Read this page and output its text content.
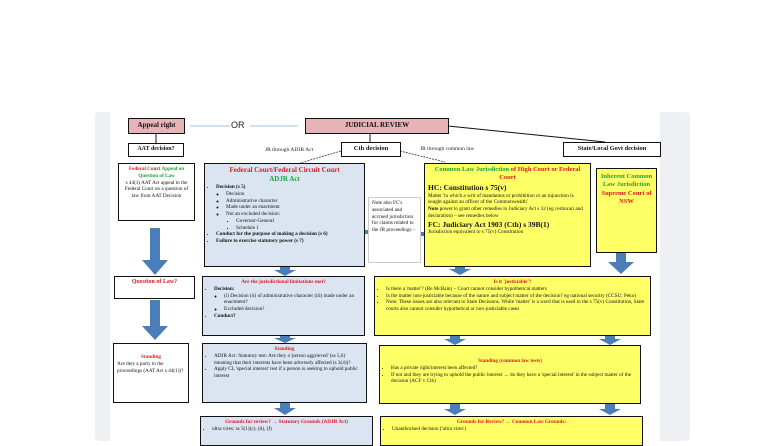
Appeal right	OR	JUDICIAL REVIEW
AAT decision?	Cth decision
JR through ADJR Act	JR through common law	State/Local Govt decision
Federal Court Appeal on Question of Law
s 44(1) AAT Act appeal to the Federal Court on a question of law from AAT Decision
Federal Court/Federal Circuit Court
ADJR Act
• Decision (s 5)
◦ Decision
◦ Administrative character
◦ Made under an enactment
◦ Not an excluded decision:
▪ Governor-General
▪ Schedule 1
• Conduct for the purpose of making a decision (s 6)
• Failure to exercise statutory power (s 7)
Note also FC's associated and accrued jurisdiction for claims related to the JR proceedings –
Common Law Jurisdiction of High Court or Federal Court
HC: Constitution s 75(v)
Matter 'in which a writ of mandamus or prohibition or an injunction is sought against an officer of the Commonwealth'
Note power to grant other remedies in Judiciary Act s 32 (eg certiorari and declaration) – see remedies below
FC: Judiciary Act 1903 (Cth) s 39B(1)
Jurisdiction equivalent to s 75(v) Constitution
Inherent Common Law Jurisdiction
Supreme Court of NSW
Question of Law?	Are the jurisdictional limitations met?
• Decision:
◦ (i) Decision (ii) of administrative character (iii) made under an enactment?
◦ Excluded decision?
• Conduct?
Is it 'justiciable'?
• Is there a 'matter'? (Re McBain) – Court cannot consider hypothetical matters
• Is the matter non-justiciable because of the nature and subject matter of the decision? eg national security (CCSU; Peko)
• Note: These issues are also relevant to State Decisions. While 'matter' is a word that is used in the s 75(v) Constitution, State courts also cannot consider hypothetical or non-justiciable cases
Standing
Are they a party to the proceedings (AAT Act s 44(1))?
Standing
• ADJR Act: Statutory test: Are they a 'person aggrieved' (ss 5,6) meaning that their interests have been adversely affected (s 3(4))?
• Apply CL 'special interest' test if a person is seeking to uphold public interest
Standing (common law tests)
• Has a private right/interest been affected?
• If not and they are trying to uphold the public interest → do they have a 'special interest' in the subject matter of the decision (ACF v Cth)
Grounds for review? → Statutory Grounds (ADJR Act)
• ultra vires: ss 5(1)(c), (d), (f)
Grounds for Review? → Common Law Grounds:
• Unauthorised decision ('ultra vires')
